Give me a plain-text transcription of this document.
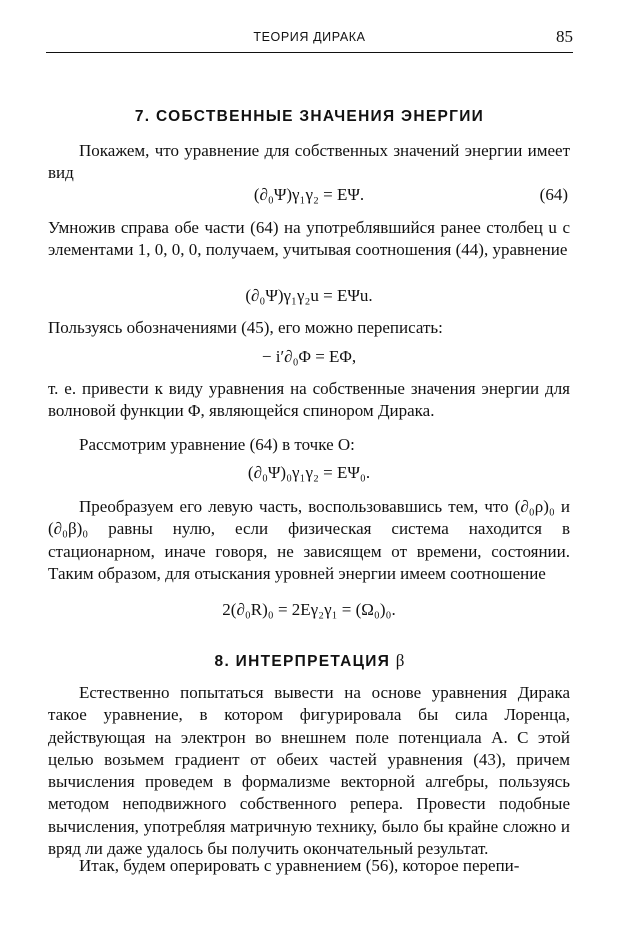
ТЕОРИЯ ДИРАКА	85
7. СОБСТВЕННЫЕ ЗНАЧЕНИЯ ЭНЕРГИИ

Покажем, что уравнение для собственных значений энергии имеет вид

(∂₀Ψ)γ₁γ₂ = EΨ.	(64)

Умножив справа обе части (64) на употреблявшийся ранее столбец u с элементами 1, 0, 0, 0, получаем, учитывая соотношения (44), уравнение

(∂₀Ψ)γ₁γ₂u = EΨu.

Пользуясь обозначениями (45), его можно переписать:

− i′∂₀Φ = EΦ,

т. е. привести к виду уравнения на собственные значения энергии для волновой функции Φ, являющейся спинором Дирака.

Рассмотрим уравнение (64) в точке O:

(∂₀Ψ)₀γ₁γ₂ = EΨ₀.

Преобразуем его левую часть, воспользовавшись тем, что (∂₀ρ)₀ и (∂₀β)₀ равны нулю, если физическая система находится в стационарном, иначе говоря, не зависящем от времени, состоянии. Таким образом, для отыскания уровней энергии имеем соотношение

2(∂₀R)₀ = 2Eγ₂γ₁ = (Ω₀)₀.
8. ИНТЕРПРЕТАЦИЯ β

Естественно попытаться вывести на основе уравнения Дирака такое уравнение, в котором фигурировала бы сила Лоренца, действующая на электрон во внешнем поле потенциала A. С этой целью возьмем градиент от обеих частей уравнения (43), причем вычисления проведем в формализме векторной алгебры, пользуясь методом неподвижного собственного репера. Провести подобные вычисления, употребляя матричную технику, было бы крайне сложно и вряд ли даже удалось бы получить окончательный результат.

Итак, будем оперировать с уравнением (56), которое перепи-
